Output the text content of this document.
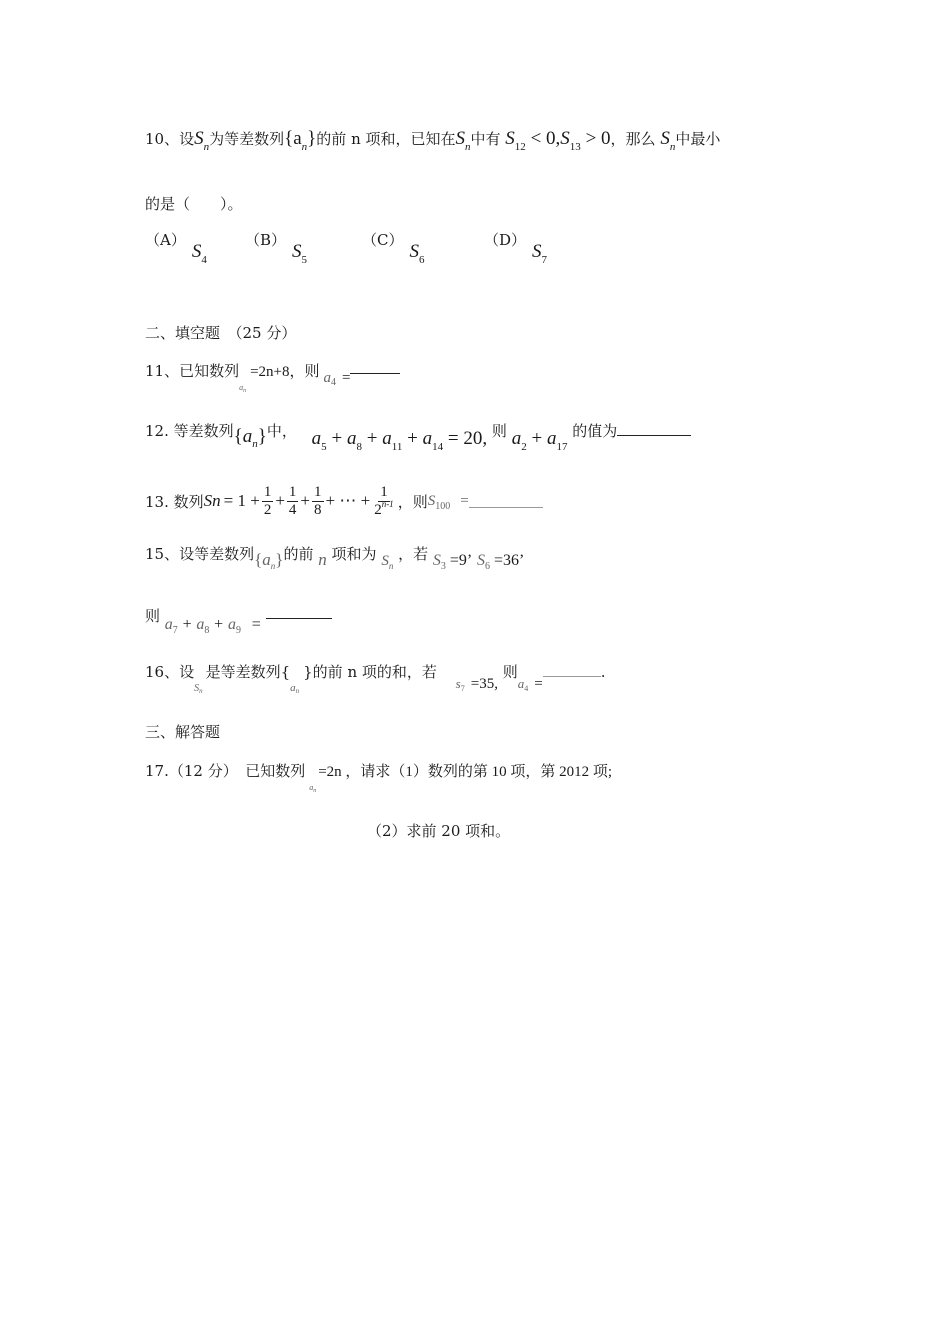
10、设$S_n$为等差数列$\{a_n\}$的前 n 项和，已知在$S_n$中有 $S_{12} < 0,S_{13} > 0$，那么 $S_n$中最小
的是（　　）。
$(A)S_4$
$(B)S_5$
$(C)S_6$
$(D)S_7$
二、填空题　（25 分）
11、已知数列$_{an}$=2n+8，则 $a_4$ =
12. 等差数列$\{a_n\}$中， $a_5 + a_8 + a_{11} + a_{14} = 20$, 则 $a_2 + a_{17}$ 的值为
13. 数列 $Sn = 1 + \frac{1}{2} + \frac{1}{4} + \frac{1}{8}$ + ⋯ + $\frac{1}{2^{n-1}}$ ，则 S 100 =
15、设等差数列$\{a_n\}$的前 n 项和为 $S_n$ ，若 $S_3 =9$’ $S_6 =36$’
则 $a_7 + a_8 + a_9$ =
16、设$_{Sn}$是等差数列$\{_{an}\}$的前 n 项的和，若 $s_7 =35$, 则$a_4$ =.
三、解答题
17.（12 分）　已知数列$_{an}$=2n ，请求（1）数列的第 10 项，第 2012 项;
（2）求前 20 项和。
